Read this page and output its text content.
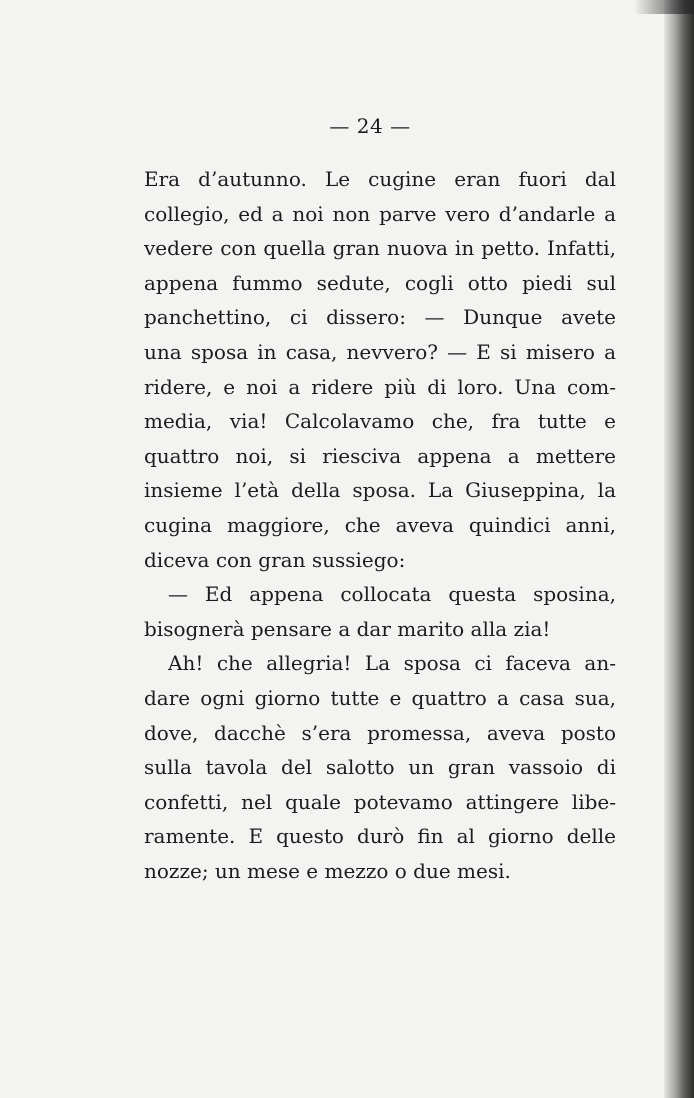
— 24 —
Era d’autunno. Le cugine eran fuori dal
collegio, ed a noi non parve vero d’andarle a
vedere con quella gran nuova in petto. Infatti,
appena fummo sedute, cogli otto piedi sul
panchettino, ci dissero: — Dunque avete
una sposa in casa, nevvero? — E si misero a
ridere, e noi a ridere più di loro. Una com-
media, via! Calcolavamo che, fra tutte e
quattro noi, si riesciva appena a mettere
insieme l’età della sposa. La Giuseppina, la
cugina maggiore, che aveva quindici anni,
diceva con gran sussiego:
— Ed appena collocata questa sposina,
bisognerà pensare a dar marito alla zia!
Ah! che allegria! La sposa ci faceva an-
dare ogni giorno tutte e quattro a casa sua,
dove, dacchè s’era promessa, aveva posto
sulla tavola del salotto un gran vassoio di
confetti, nel quale potevamo attingere libe-
ramente. E questo durò fin al giorno delle
nozze; un mese e mezzo o due mesi.
